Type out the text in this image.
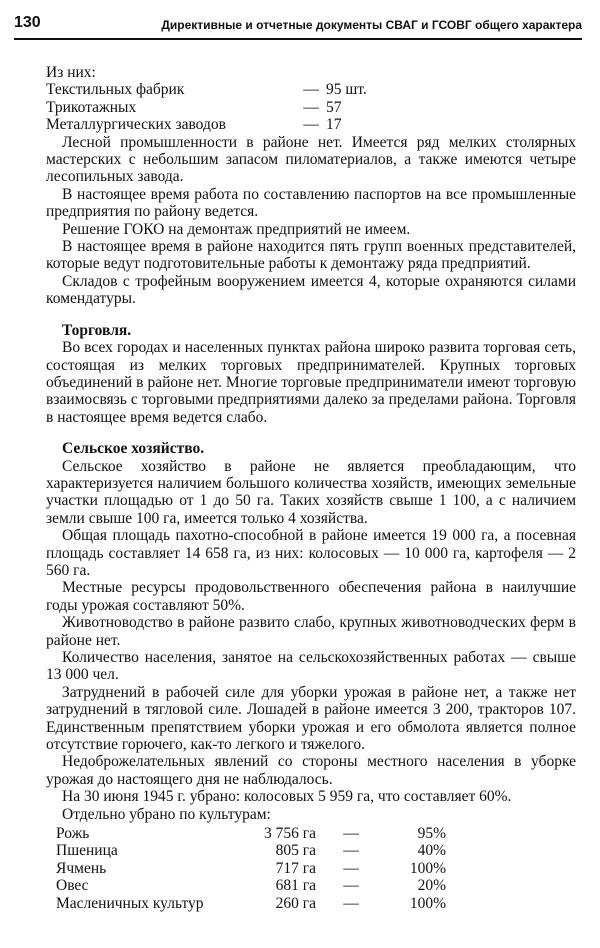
130	Директивные и отчетные документы СВАГ и ГСОВГ общего характера

Из них:

Текстильных фабрик	— 95 шт.
Трикотажных	— 57
Металлургических заводов	— 17

Лесной промышленности в районе нет. Имеется ряд мелких столярных мастерских с небольшим запасом пиломатериалов, а также имеются четыре лесопильных завода.

В настоящее время работа по составлению паспортов на все промышленные предприятия по району ведется.

Решение ГОКО на демонтаж предприятий не имеем.

В настоящее время в районе находится пять групп военных представителей, которые ведут подготовительные работы к демонтажу ряда предприятий.

Складов с трофейным вооружением имеется 4, которые охраняются силами комендатуры.

Торговля.

Во всех городах и населенных пунктах района широко развита торговая сеть, состоящая из мелких торговых предпринимателей. Крупных торговых объединений в районе нет. Многие торговые предприниматели имеют торговую взаимосвязь с торговыми предприятиями далеко за пределами района. Торговля в настоящее время ведется слабо.

Сельское хозяйство.

Сельское хозяйство в районе не является преобладающим, что характеризуется наличием большого количества хозяйств, имеющих земельные участки площадью от 1 до 50 га. Таких хозяйств свыше 1 100, а с наличием земли свыше 100 га, имеется только 4 хозяйства.

Общая площадь пахотно-способной в районе имеется 19 000 га, а посевная площадь составляет 14 658 га, из них: колосовых — 10 000 га, картофеля — 2 560 га.

Местные ресурсы продовольственного обеспечения района в наилучшие годы урожая составляют 50%.

Животноводство в районе развито слабо, крупных животноводческих ферм в районе нет.

Количество населения, занятое на сельскохозяйственных работах — свыше 13 000 чел.

Затруднений в рабочей силе для уборки урожая в районе нет, а также нет затруднений в тягловой силе. Лошадей в районе имеется 3 200, тракторов 107. Единственным препятствием уборки урожая и его обмолота является полное отсутствие горючего, как-то легкого и тяжелого.

Недоброжелательных явлений со стороны местного населения в уборке урожая до настоящего дня не наблюдалось.

На 30 июня 1945 г. убрано: колосовых 5 959 га, что составляет 60%.

Отдельно убрано по культурам:

Рожь	3 756 га	—	95%
Пшеница	805 га	—	40%
Ячмень	717 га	—	100%
Овес	681 га	—	20%
Масленичных культур	260 га	—	100%
